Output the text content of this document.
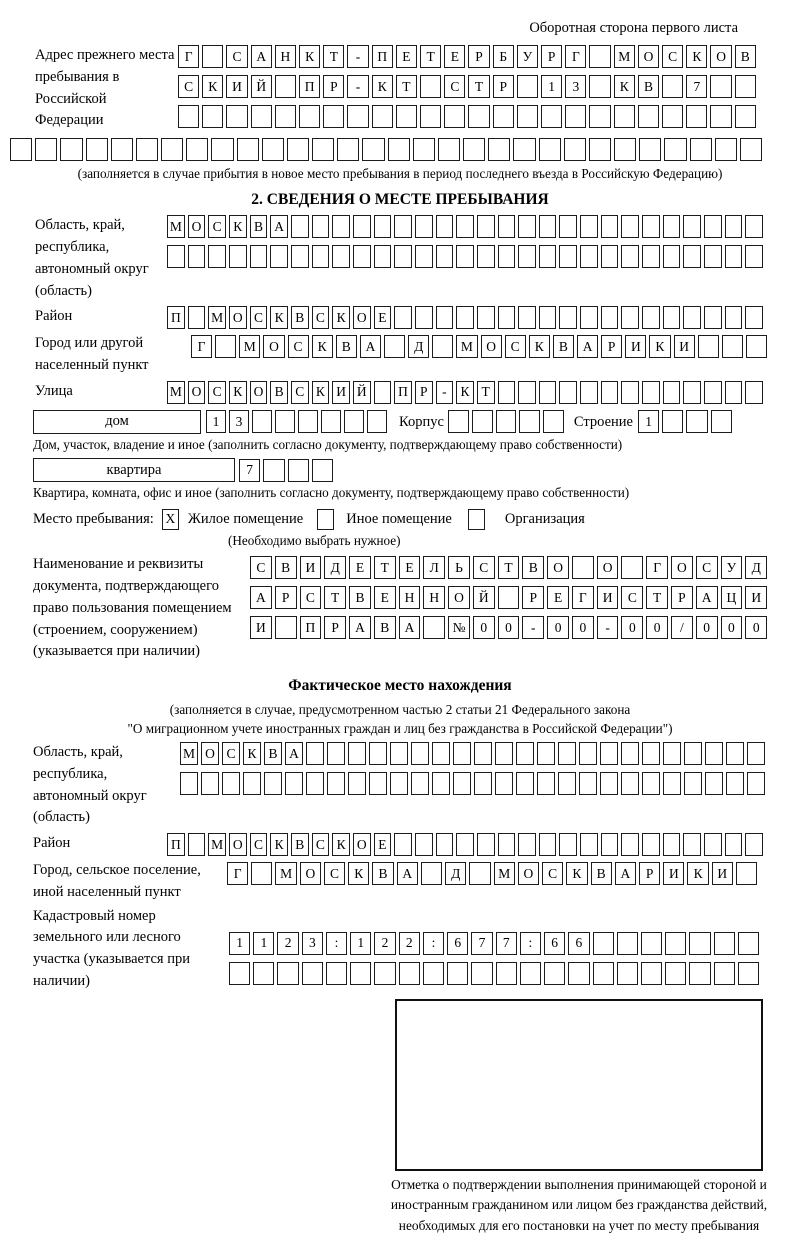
Оборотная сторона первого листа
Адрес прежнего места пребывания в Российской Федерации
Г	С	А	Н	К	Т	-	П	Е	Т	Е	Р	Б	У	Р	Г	М О	С	К	О	В
С	К	И	Й	П	Р	-	К	Т	С	Т	Р	1	3	К	В	7
(заполняется в случае прибытия в новое место пребывания в период последнего въезда в Российскую Федерацию)
2. СВЕДЕНИЯ О МЕСТЕ ПРЕБЫВАНИЯ
Область, край, республика, автономный округ (область)
М О С К В А
Район	П М О С К В С К О Е
Город или другой населенный пункт
Г	М О	С	К	В	А	Д	М О	С	К	В	А	Р	И	К	И
Улица	М О С К О В С К И Й П Р	-	К Т
дом	1	3	Корпус	Строение 1
Дом, участок, владение и иное (заполнить согласно документу, подтверждающему право собственности)
квартира	7
Квартира, комната, офис и иное (заполнить согласно документу, подтверждающему право собственности)
Место пребывания: X Жилое помещение	Иное помещение	Организация
(Необходимо выбрать нужное)
Наименование и реквизиты документа, подтверждающего право пользования помещением (строением, сооружением) (указывается при наличии)
С	В	И	Д	Е	Т	Е	Л	Ь	С	Т	В	О	О	Г	О	С	У	Д
А	Р	С	Т	В	Е	Н	Н	О	Й	Р	Е	Г	И	С	Т	Р	А	Ц	И
И	П	Р	А	В	А	№	0	0	-	0	0	-	0	0	/	0	0	0
Фактическое место нахождения
(заполняется в случае, предусмотренном частью 2 статьи 21 Федерального закона
"О миграционном учете иностранных граждан и лиц без гражданства в Российской Федерации")
Область, край, республика, автономный округ (область)
М О С К В А
Район	П М О С К В С К О Е
Город, сельское поселение, иной населенный пункт
Г	М О	С	К	В	А	Д	М О	С	К	В	А	Р	И	К	И
Кадастровый номер земельного или лесного участка (указывается при наличии)
1	1	2	3	:	1	2	2	:	6	7	7	:	6	6
Отметка о подтверждении выполнения принимающей стороной и иностранным гражданином или лицом без гражданства действий, необходимых для его постановки на учет по месту пребывания
